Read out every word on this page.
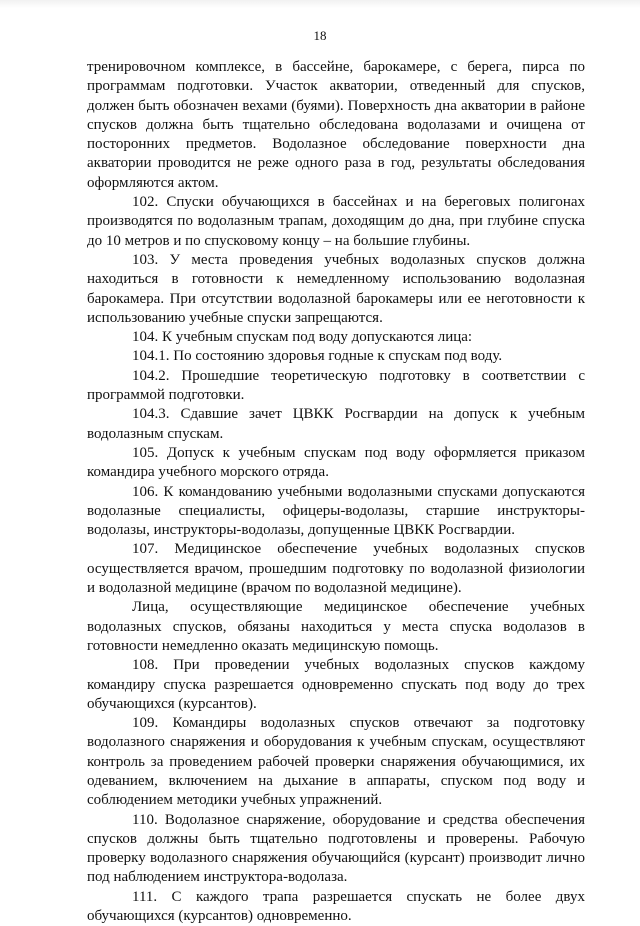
18

тренировочном комплексе, в бассейне, барокамере, с берега, пирса по программам подготовки. Участок акватории, отведенный для спусков, должен быть обозначен вехами (буями). Поверхность дна акватории в районе спусков должна быть тщательно обследована водолазами и очищена от посторонних предметов. Водолазное обследование поверхности дна акватории проводится не реже одного раза в год, результаты обследования оформляются актом.

102. Спуски обучающихся в бассейнах и на береговых полигонах производятся по водолазным трапам, доходящим до дна, при глубине спуска до 10 метров и по спусковому концу – на большие глубины.

103. У места проведения учебных водолазных спусков должна находиться в готовности к немедленному использованию водолазная барокамера. При отсутствии водолазной барокамеры или ее неготовности к использованию учебные спуски запрещаются.

104. К учебным спускам под воду допускаются лица:

104.1. По состоянию здоровья годные к спускам под воду.

104.2. Прошедшие теоретическую подготовку в соответствии с программой подготовки.

104.3. Сдавшие зачет ЦВКК Росгвардии на допуск к учебным водолазным спускам.

105. Допуск к учебным спускам под воду оформляется приказом командира учебного морского отряда.

106. К командованию учебными водолазными спусками допускаются водолазные специалисты, офицеры-водолазы, старшие инструкторы-водолазы, инструкторы-водолазы, допущенные ЦВКК Росгвардии.

107. Медицинское обеспечение учебных водолазных спусков осуществляется врачом, прошедшим подготовку по водолазной физиологии и водолазной медицине (врачом по водолазной медицине).

Лица, осуществляющие медицинское обеспечение учебных водолазных спусков, обязаны находиться у места спуска водолазов в готовности немедленно оказать медицинскую помощь.

108. При проведении учебных водолазных спусков каждому командиру спуска разрешается одновременно спускать под воду до трех обучающихся (курсантов).

109. Командиры водолазных спусков отвечают за подготовку водолазного снаряжения и оборудования к учебным спускам, осуществляют контроль за проведением рабочей проверки снаряжения обучающимися, их одеванием, включением на дыхание в аппараты, спуском под воду и соблюдением методики учебных упражнений.

110. Водолазное снаряжение, оборудование и средства обеспечения спусков должны быть тщательно подготовлены и проверены. Рабочую проверку водолазного снаряжения обучающийся (курсант) производит лично под наблюдением инструктора-водолаза.

111. С каждого трапа разрешается спускать не более двух обучающихся (курсантов) одновременно.
